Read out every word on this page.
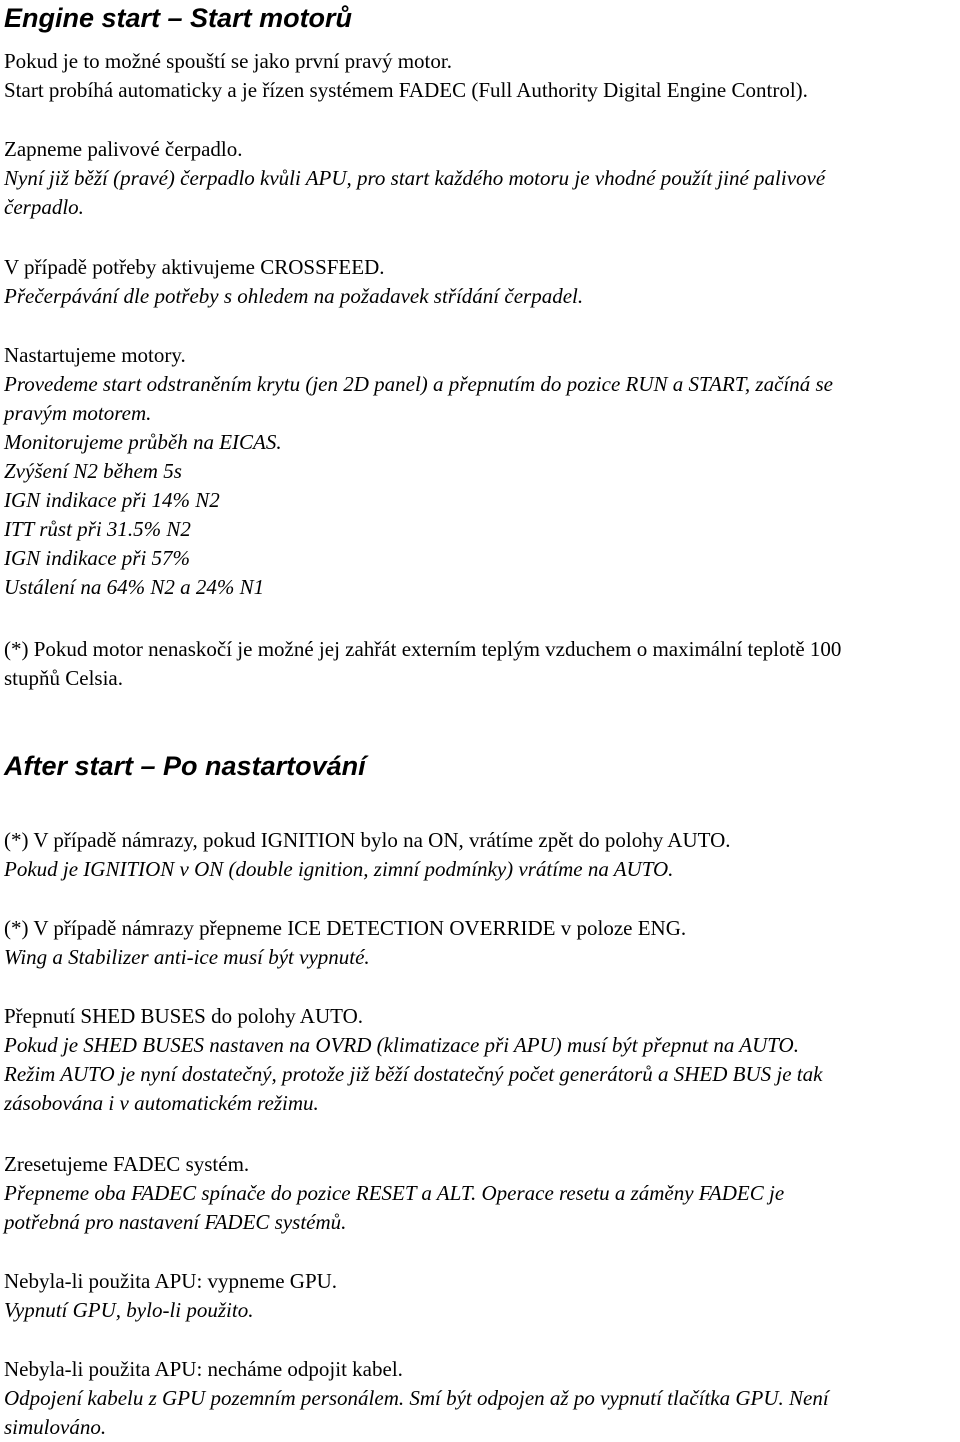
Engine start – Start motorů
Pokud je to možné spouští se jako první pravý motor.
Start probíhá automaticky a je řízen systémem FADEC (Full Authority Digital Engine Control).
Zapneme palivové čerpadlo.
Nyní již běží (pravé) čerpadlo kvůli APU, pro start každého motoru je vhodné použít jiné palivové
čerpadlo.
V případě potřeby aktivujeme CROSSFEED.
Přečerpávání dle potřeby s ohledem na požadavek střídání čerpadel.
Nastartujeme motory.
Provedeme start odstraněním krytu (jen 2D panel) a přepnutím do pozice RUN a START, začíná se
pravým motorem.
Monitorujeme průběh na EICAS.
Zvýšení N2 během 5s
IGN indikace při 14% N2
ITT růst při 31.5% N2
IGN indikace při 57%
Ustálení na 64% N2 a 24% N1
(*) Pokud motor nenaskočí je možné jej zahřát externím teplým vzduchem o maximální teplotě 100
stupňů Celsia.
After start – Po nastartování
(*) V případě námrazy, pokud IGNITION bylo na ON, vrátíme zpět do polohy AUTO.
Pokud je IGNITION v ON (double ignition, zimní podmínky) vrátíme na AUTO.
(*) V případě námrazy přepneme ICE DETECTION OVERRIDE v poloze ENG.
Wing a Stabilizer anti-ice musí být vypnuté.
Přepnutí SHED BUSES do polohy AUTO.
Pokud je SHED BUSES nastaven na OVRD (klimatizace při APU) musí být přepnut na AUTO.
Režim AUTO je nyní dostatečný, protože již běží dostatečný počet generátorů a SHED BUS je tak
zásobována i v automatickém režimu.
Zresetujeme FADEC systém.
Přepneme oba FADEC spínače do pozice RESET a ALT. Operace resetu a záměny FADEC je
potřebná pro nastavení FADEC systémů.
Nebyla-li použita APU: vypneme GPU.
Vypnutí GPU, bylo-li použito.
Nebyla-li použita APU: necháme odpojit kabel.
Odpojení kabelu z GPU pozemním personálem. Smí být odpojen až po vypnutí tlačítka GPU. Není
simulováno.
